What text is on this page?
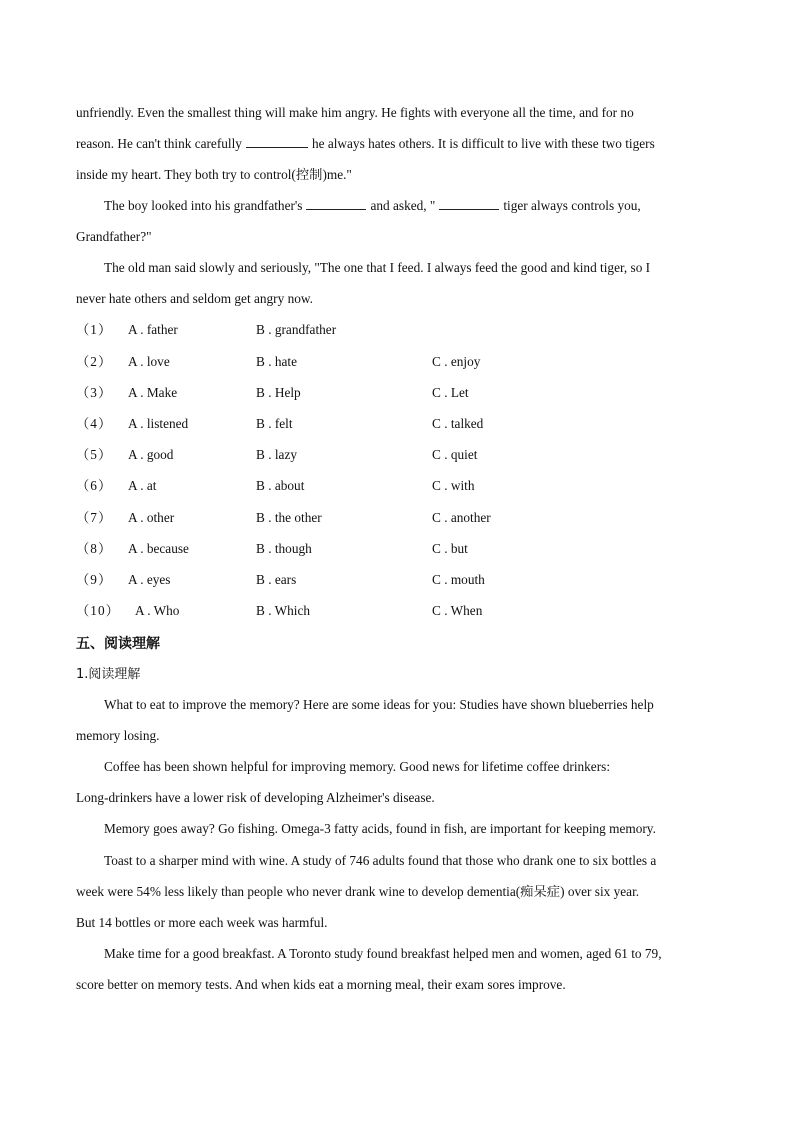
unfriendly. Even the smallest thing will make him angry. He fights with everyone all the time, and for no
reason. He can't think carefully	he always hates others. It is difficult to live with these two tigers
inside my heart. They both try to control(控制)me."
The boy looked into his grandfather's	and asked, "	tiger always controls you,
Grandfather?"
The old man said slowly and seriously, "The one that I feed. I always feed the good and kind tiger, so I
never hate others and seldom get angry now.
（1） A . father	B . grandfather
（2） A . love	B . hate	C . enjoy
（3） A . Make	B . Help	C . Let
（4） A . listened	B . felt	C . talked
（5） A . good	B . lazy	C . quiet
（6） A . at	B . about	C . with
（7） A . other	B . the other	C . another
（8） A . because	B . though	C . but
（9） A . eyes	B . ears	C . mouth
（10） A . Who	B . Which	C . When
五、阅读理解
1.阅读理解
What to eat to improve the memory? Here are some ideas for you: Studies have shown blueberries help
memory losing.
Coffee has been shown helpful for improving memory. Good news for lifetime coffee drinkers:
Long-drinkers have a lower risk of developing Alzheimer's disease.
Memory goes away? Go fishing. Omega-3 fatty acids, found in fish, are important for keeping memory.
Toast to a sharper mind with wine. A study of 746 adults found that those who drank one to six bottles a
week were 54% less likely than people who never drank wine to develop dementia(痴呆症) over six year.
But 14 bottles or more each week was harmful.
Make time for a good breakfast. A Toronto study found breakfast helped men and women, aged 61 to 79,
score better on memory tests. And when kids eat a morning meal, their exam sores improve.
